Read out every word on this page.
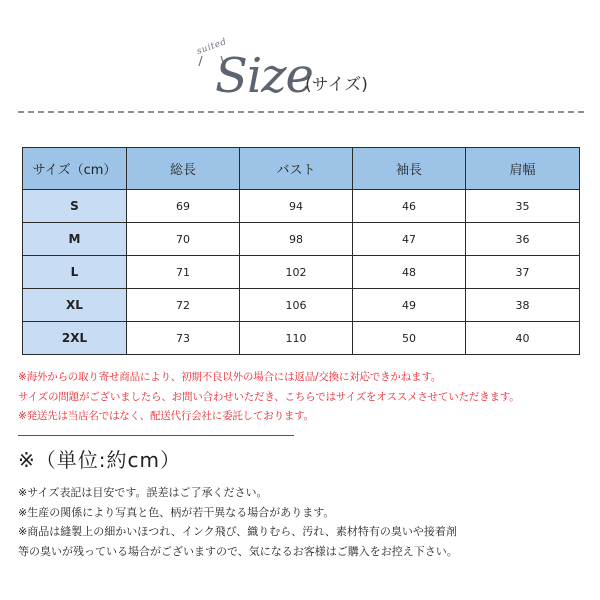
suited
Size
(サイズ)
サイズ（cm）	総長	バスト	袖長	肩幅
S	69	94	46	35
M	70	98	47	36
L	71	102	48	37
XL	72	106	49	38
2XL	73	110	50	40
※海外からの取り寄せ商品により、初期不良以外の場合には返品/交換に対応できかねます。
サイズの問題がございましたら、お問い合わせいただき、こちらではサイズをオススメさせていただきます。
※発送先は当店名ではなく、配送代行会社に委託しております。
※（単位:約cm）
※サイズ表記は目安です。誤差はご了承ください。
※生産の関係により写真と色、柄が若干異なる場合があります。
※商品は縫製上の細かいほつれ、インク飛び、織りむら、汚れ、素材特有の臭いや接着剤
等の臭いが残っている場合がございますので、気になるお客様はご購入をお控え下さい。
